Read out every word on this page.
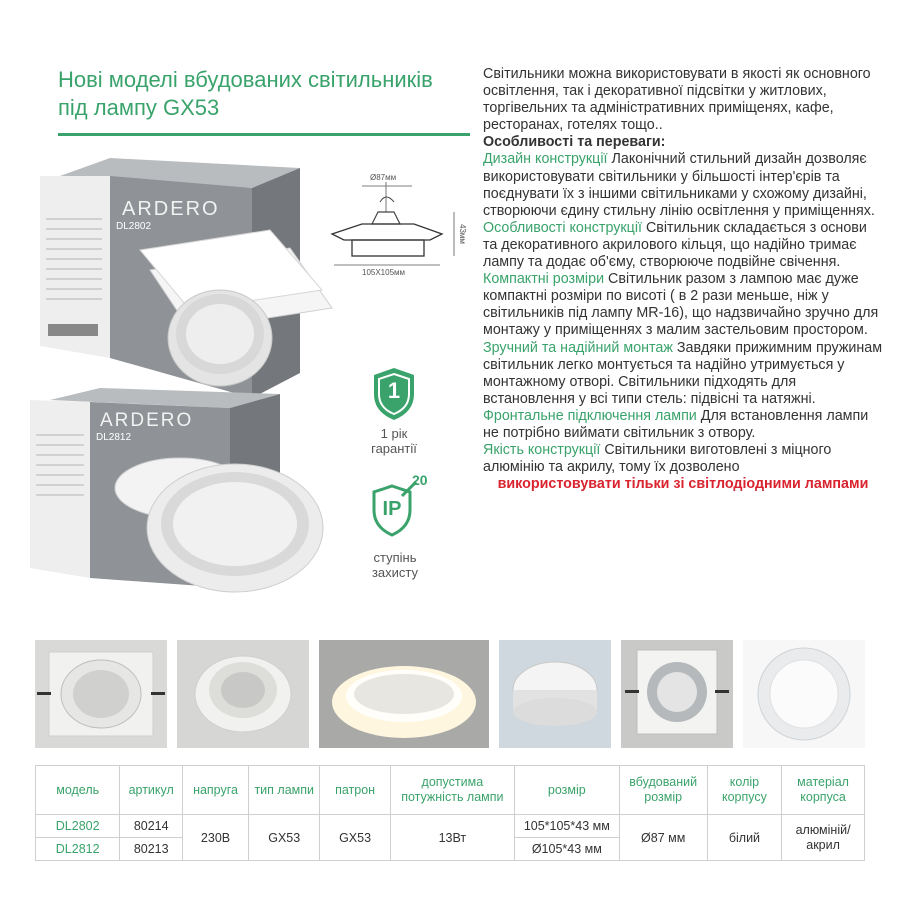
Нові моделі вбудованих світильників
під лампу GX53
ARDERO
DL2802
ARDERO
DL2812
Ø87мм
105X105мм
43мм
1
1 рік гарантії
IP
20
ступінь захисту

Світильники можна використовувати в якості як основного освітлення, так і декоративної підсвітки у житлових, торгівельних та адміністративних приміщенях, кафе, ресторанах, готелях тощо..

Особливості та переваги:

Дизайн конструкції Лаконічний стильний дизайн дозволяє використовувати світильники у більшості інтер'єрів та поєднувати їх з іншими світильниками у схожому дизайні, створюючи єдину стильну лінію освітлення у приміщеннях.

Особливості конструкції Світильник складається з основи та декоративного акрилового кільця, що надійно тримає лампу та додає об'єму, створююче подвійне свічення.

Компактні розміри Світильник разом з лампою має дуже компактні розміри по висоті ( в 2 рази меньше, ніж у світильників під лампу MR-16), що надзвичайно зручно для монтажу у приміщеннях з малим застельовим простором.

Зручний та надійний монтаж Завдяки прижимним пружинам світильник легко монтується та надійно утримується у монтажному отворі. Світильники підходять для встановлення у всі типи стель: підвісні та натяжні.

Фронтальне підключення лампи Для встановлення лампи не потрібно виймати світильник з отвору.

Якість конструкції Світильники виготовлені з міцного алюмінію та акрилу, тому їх дозволено

використовувати тільки зі світлодіодними лампами

модель	артикул	напруга	тип лампи	патрон	допустима потужність лампи	розмір	вбудований розмір	колір корпусу	матеріал корпуса
DL2802	80214	230В	GX53	GX53	13Вт	105*105*43 мм	Ø87 мм	білий	алюміній/ акрил
DL2812	80213					Ø105*43 мм			
